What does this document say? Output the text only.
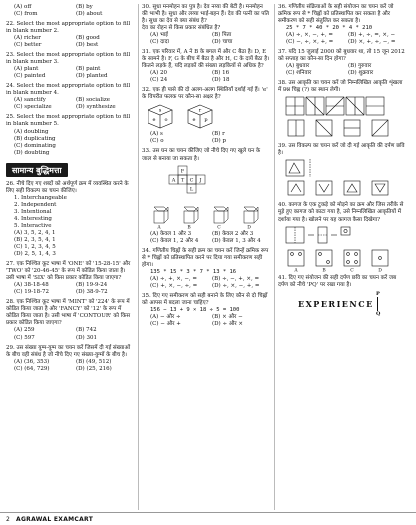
(A) off	(B) by
(C) from	(D) about
22. Select the most appropriate option to fill in blank number 2.
(A) richer	(B) good
(C) better	(D) best
23. Select the most appropriate option to fill in blank number 3.
(A) plant	(B) paint
(C) painted	(D) planted
24. Select the most appropriate option to fill in blank number 4.
(A) sanctify	(B) socialize
(C) specialize	(D) synthesize
25. Select the most appropriate option to fill in blank number 5.
(A) doubling
(B) duplicating
(C) dominating
(D) doubting
सामान्य बुद्धिमत्ता
26. नीचे दिए गए शब्दों को अर्थपूर्ण क्रम में व्यवस्थित करने के लिए सही विकल्प का चयन कीजिए।
1. Interchangeable
2. Independent
3. Intentional
4. Interesting
5. Interactive
(A) 3, 5, 2, 4, 1
(B) 2, 3, 5, 4, 1
(C) 1, 2, 3, 4, 5
(D) 2, 5, 1, 4, 3
27. एक निश्चित कूट भाषा में 'ONE' को '15-28-15' और 'TWO' को '20-46-45' के रूप में कोडित किया जाता है। उसी भाषा में 'SIX' को किस प्रकार कोडित किया जाएगा?
(A) 38-18-48	(B) 19-9-24
(C) 19-18-72	(D) 38-9-72
28. एक निश्चित कूट भाषा में 'MINT' को '224' के रूप में कोडित किया जाता है और 'FANCY' को '12' के रूप में कोडित किया जाता है। उसी भाषा में 'CONTOUR' को किस प्रकार कोडित किया जाएगा?
(A) 259	(B) 742
(C) 597	(D) 301
29. उस संख्या युग्म-युग्म का चयन करें जिसमें दी गई संख्याओं के बीच वही संबंध है जो नीचे दिए गए संख्या-युग्मों के बीच है।
(A) (36, 353)	(B) (49, 512)
(C) (64, 729)	(D) (25, 216)
30. सुधा मनमोहन का पुत्र है। देव नय्या की बेटी है। मनमोहन की भाभी है। सुधा और लय्या भाई-बहन हैं। देव की पत्नी का पति है। सुधा का देव से क्या संबंध है?
देव का रोहन से किस प्रकार संबंधित है?
(A) भाई	(B) पिता
(C) दादा	(D) चाचा
31. एक परिवार में, A ने B के बगल में और C बैठा है। D, E के सामने है। F, G के बीच में बैठा है और H, C के दायें बैठा है। कितने लड़के हैं, यदि लड़कों की संख्या लड़कियों से अधिक है?
(A) 20	(B) 16
(C) 24	(D) 18
32. एक ही पासे की दो अलग-अलग स्थितियाँ दर्शाई गई हैं। 'e' के विपरीत फलक पर कौन-सा अक्षर है?
s
e o
r
e p
(A) s	(B) r
(C) o	(D) p
33. उस घन का चयन कीजिए जो नीचे दिए गए खुले घन के जाल से बनाया जा सकता है।
F
A T C J
L
A	B	C	D
(A) केवल 1 और 3	(B) केवल 2 और 3
(C) केवल 1, 2 और 4	(D) केवल 1, 3 और 4
34. गणितीय चिह्नों के सही क्रम का चयन करें जिन्हें क्रमिक रूप से * चिह्नों को प्रतिस्थापित करने पर दिया गया समीकरण सही होगा।
135 * 15 * 3 * 7 * 13 * 16
(A) ÷, +, ×, −, =	(B) ÷, −, +, ×, =
(C) +, ×, −, ÷, =	(D) ÷, ×, −, +, =
35. दिए गए समीकरण को सही बनाने के लिए कौन से दो चिह्नों को आपस में बदला जाना चाहिए?
156 − 13 + 9 × 18 ÷ 5 = 100
(A) − और ÷	(B) × और −
(C) − और +	(D) ÷ और ×
36. गणितीय संक्रियाओं के सही संयोजन का चयन करें जो क्रमिक रूप से * चिह्नों को प्रतिस्थापित कर सकता है और समीकरण को सही संतुलित कर सकता है।
25 * 7 * 40 * 20 * 4 * 210
(A) ÷, ×, −, +, =	(B) +, ÷, =, ×, −
(C) −, ÷, ×, +, =	(D) ×, +, ÷, −, =
37. यदि 15 जुलाई 2000 को बुधवार था, तो 15 जून 2012 को सप्ताह का कौन-सा दिन होगा?
(A) बुधवार	(B) गुरुवार
(C) शनिवार	(D) शुक्रवार
38. उस आकृति का चयन करें जो निम्नलिखित आकृति शृंखला में प्रश्न चिह्न (?) का स्थान लेगी।
39. उस विकल्प का चयन करें जो दी गई आकृति की दर्पण छवि है।
40. कागज के एक टुकड़े को मोड़ने का क्रम और जिस तरीके से मुड़े हुए कागज को काटा गया है, उसे निम्नलिखित आकृतियों में दर्शाया गया है। खोलने पर यह कागज कैसा दिखेगा?
A	B	C	D
41. दिए गए संयोजन की सही दर्पण छवि का चयन करें जब दर्पण को नीचे 'PQ' पर रखा गया है।
EXPERIENCE
P
Q
2 AGRAWAL EXAMCART
